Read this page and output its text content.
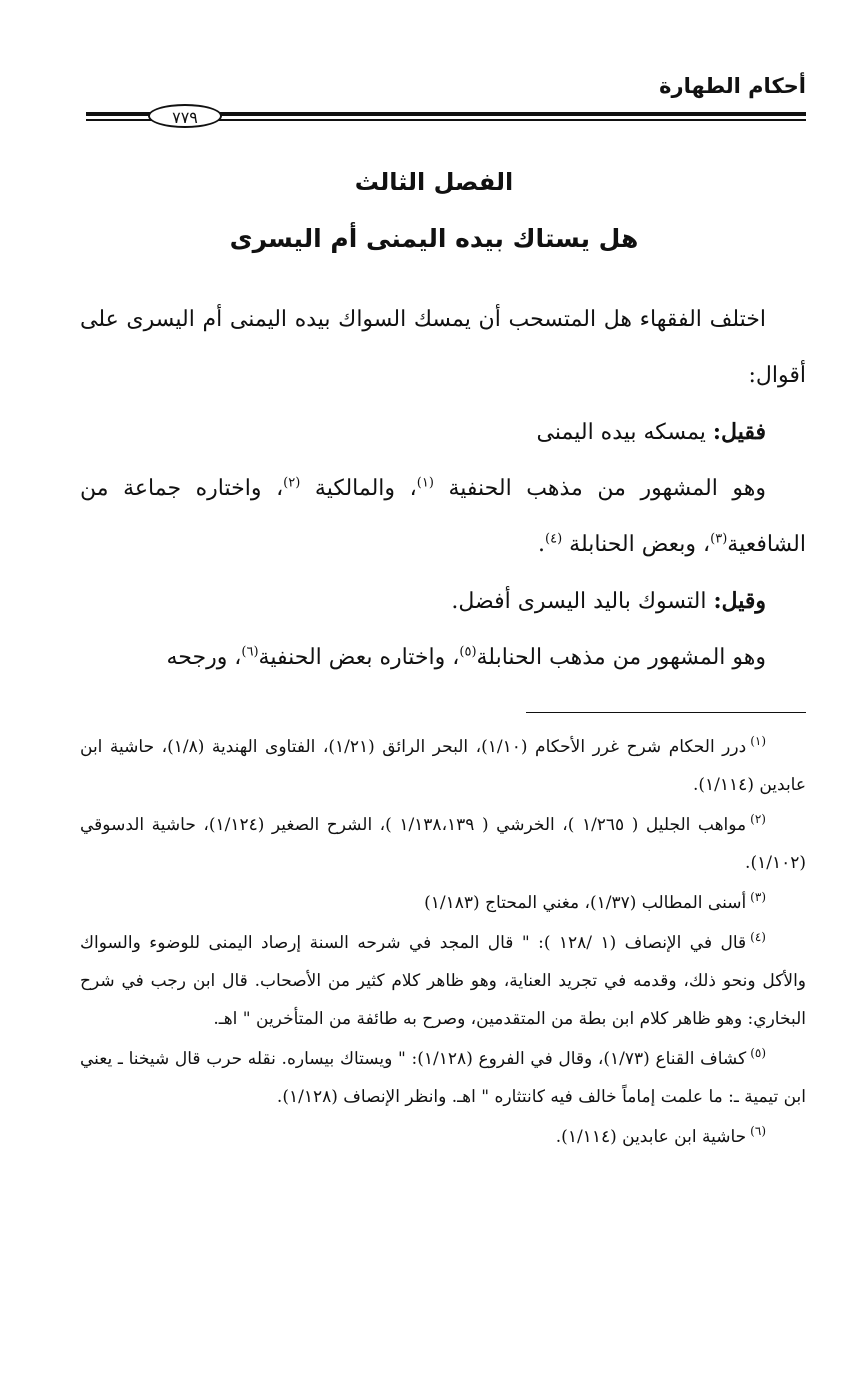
أحكام الطهارة
٧٧٩
الفصل الثالث
هل يستاك بيده اليمنى أم اليسرى

اختلف الفقهاء هل المتسحب أن يمسك السواك بيده اليمنى أم اليسرى على أقوال:

فقيل: يمسكه بيده اليمنى

وهو المشهور من مذهب الحنفية $^{(١)}$، والمالكية $^{(٢)}$، واختاره جماعة من الشافعية$^{(٣)}$، وبعض الحنابلة $^{(٤)}$.

وقيل: التسوك باليد اليسرى أفضل.

وهو المشهور من مذهب الحنابلة$^{(٥)}$، واختاره بعض الحنفية$^{(٦)}$، ورجحه

$^{(١)}$درر الحكام شرح غرر الأحكام (١/١٠)، البحر الرائق (١/٢١)، الفتاوى الهندية (١/٨)، حاشية ابن عابدين (١/١١٤).

$^{(٢)}$مواهب الجليل ( ١/٢٦٥ )، الخرشي ( ١/١٣٨،١٣٩ )، الشرح الصغير (١/١٢٤)، حاشية الدسوقي (١/١٠٢).

$^{(٣)}$أسنى المطالب (١/٣٧)، مغني المحتاج (١/١٨٣)

$^{(٤)}$قال في الإنصاف (١ /١٢٨ ): " قال المجد في شرحه السنة إرصاد اليمنى للوضوء والسواك والأكل ونحو ذلك، وقدمه في تجريد العناية، وهو ظاهر كلام كثير من الأصحاب. قال ابن رجب في شرح البخاري: وهو ظاهر كلام ابن بطة من المتقدمين، وصرح به طائفة من المتأخرين " اهـ.

$^{(٥)}$كشاف القناع (١/٧٣)، وقال في الفروع (١/١٢٨): " ويستاك بيساره. نقله حرب قال شيخنا ـ يعني ابن تيمية ـ: ما علمت إماماً خالف فيه كانتثاره " اهـ. وانظر الإنصاف (١/١٢٨).

$^{(٦)}$حاشية ابن عابدين (١/١١٤).
